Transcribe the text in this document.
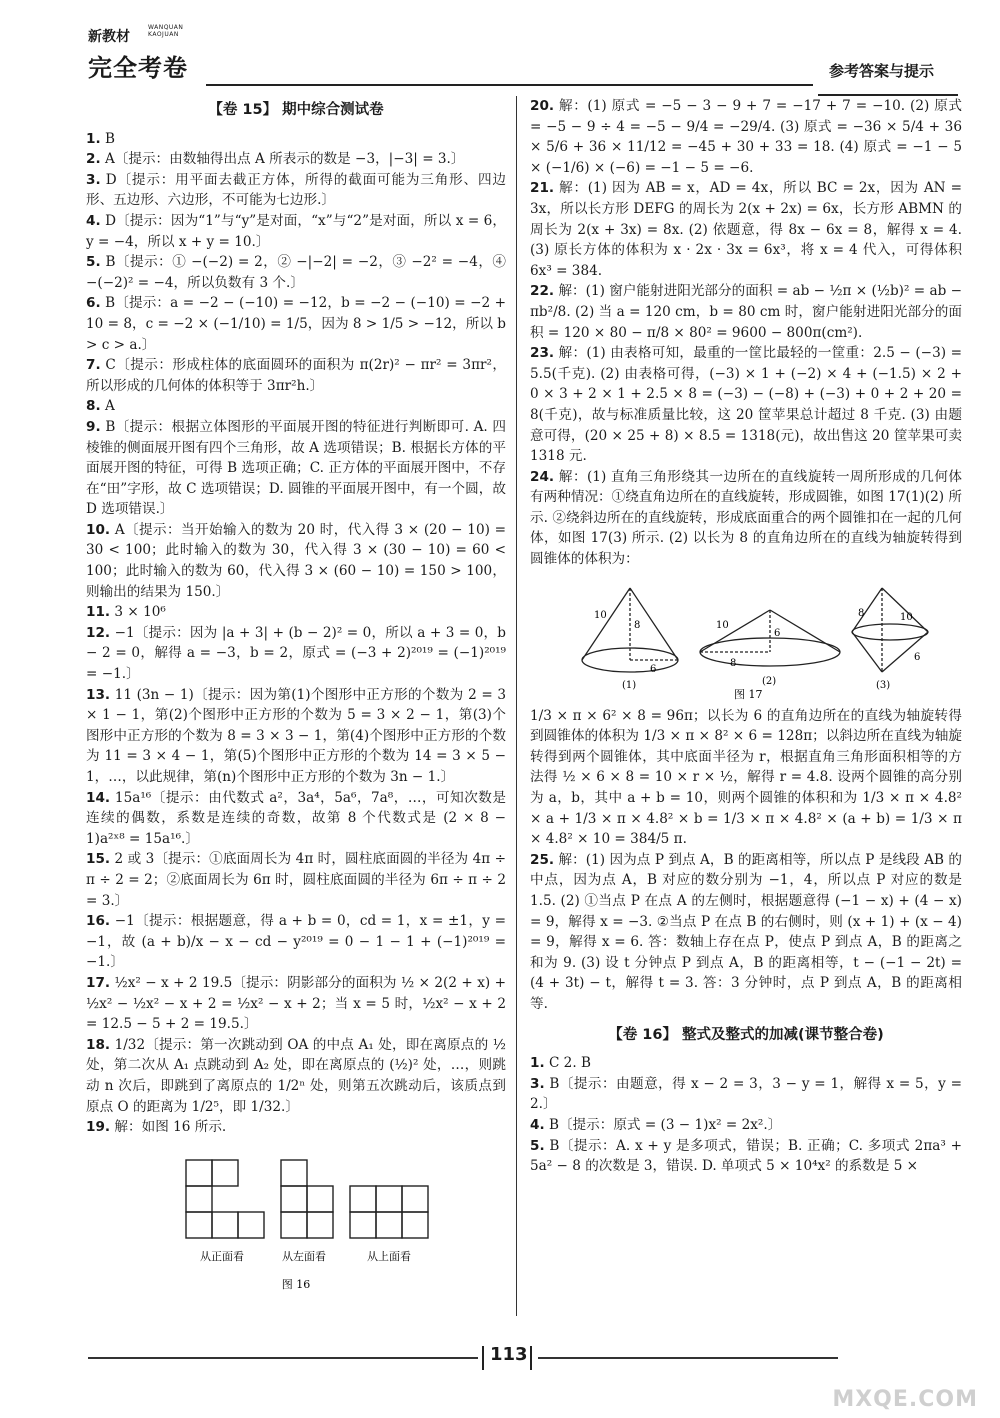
新教材
WANQUAN KAOJUAN
完全考卷	参考答案与提示
【卷 15】 期中综合测试卷

1. B

2. A〔提示：由数轴得出点 A 所表示的数是 −3，|−3| = 3.〕

3. D〔提示：用平面去截正方体，所得的截面可能为三角形、四边形、五边形、六边形，不可能为七边形.〕

4. D〔提示：因为“1”与“y”是对面，“x”与“2”是对面，所以 x = 6，y = −4，所以 x + y = 10.〕

5. B〔提示：① −(−2) = 2，② −|−2| = −2，③ −2² = −4，④ −(−2)² = −4，所以负数有 3 个.〕

6. B〔提示：a = −2 − (−10) = −12，b = −2 − (−10) = −2 + 10 = 8，c = −2 × (−1/10) = 1/5，因为 8 > 1/5 > −12，所以 b > c > a.〕

7. C〔提示：形成柱体的底面圆环的面积为 π(2r)² − πr² = 3πr²，所以形成的几何体的体积等于 3πr²h.〕

8. A

9. B〔提示：根据立体图形的平面展开图的特征进行判断即可. A. 四棱锥的侧面展开图有四个三角形，故 A 选项错误；B. 根据长方体的平面展开图的特征，可得 B 选项正确；C. 正方体的平面展开图中，不存在“田”字形，故 C 选项错误；D. 圆锥的平面展开图中，有一个圆，故 D 选项错误.〕

10. A〔提示：当开始输入的数为 20 时，代入得 3 × (20 − 10) = 30 < 100；此时输入的数为 30，代入得 3 × (30 − 10) = 60 < 100；此时输入的数为 60，代入得 3 × (60 − 10) = 150 > 100，则输出的结果为 150.〕

11. 3 × 10⁶

12. −1〔提示：因为 |a + 3| + (b − 2)² = 0，所以 a + 3 = 0，b − 2 = 0，解得 a = −3，b = 2，原式 = (−3 + 2)²⁰¹⁹ = (−1)²⁰¹⁹ = −1.〕

13. 11 (3n − 1)〔提示：因为第(1)个图形中正方形的个数为 2 = 3 × 1 − 1，第(2)个图形中正方形的个数为 5 = 3 × 2 − 1，第(3)个图形中正方形的个数为 8 = 3 × 3 − 1，第(4)个图形中正方形的个数为 11 = 3 × 4 − 1，第(5)个图形中正方形的个数为 14 = 3 × 5 − 1，…，以此规律，第(n)个图形中正方形的个数为 3n − 1.〕

14. 15a¹⁶〔提示：由代数式 a²，3a⁴，5a⁶，7a⁸，…，可知次数是连续的偶数，系数是连续的奇数，故第 8 个代数式是 (2 × 8 − 1)a²ˣ⁸ = 15a¹⁶.〕

15. 2 或 3〔提示：①底面周长为 4π 时，圆柱底面圆的半径为 4π ÷ π ÷ 2 = 2；②底面周长为 6π 时，圆柱底面圆的半径为 6π ÷ π ÷ 2 = 3.〕

16. −1〔提示：根据题意，得 a + b = 0，cd = 1，x = ±1，y = −1，故 (a + b)/x − x − cd − y²⁰¹⁹ = 0 − 1 − 1 + (−1)²⁰¹⁹ = −1.〕

17. ½x² − x + 2 19.5〔提示：阴影部分的面积为 ½ × 2(2 + x) + ½x² − ½x² − x + 2 = ½x² − x + 2；当 x = 5 时，½x² − x + 2 = 12.5 − 5 + 2 = 19.5.〕

18. 1/32〔提示：第一次跳动到 OA 的中点 A₁ 处，即在离原点的 ½ 处，第二次从 A₁ 点跳动到 A₂ 处，即在离原点的 (½)² 处，…，则跳动 n 次后，即跳到了离原点的 1/2ⁿ 处，则第五次跳动后，该质点到原点 O 的距离为 1/2⁵，即 1/32.〕

19. 解：如图 16 所示.

从正面看	从左面看	从上面看
图 16

20. 解：(1) 原式 = −5 − 3 − 9 + 7 = −17 + 7 = −10. (2) 原式 = −5 − 9 ÷ 4 = −5 − 9/4 = −29/4. (3) 原式 = −36 × 5/4 + 36 × 5/6 + 36 × 11/12 = −45 + 30 + 33 = 18. (4) 原式 = −1 − 5 × (−1/6) × (−6) = −1 − 5 = −6.

21. 解：(1) 因为 AB = x，AD = 4x，所以 BC = 2x，因为 AN = 3x，所以长方形 DEFG 的周长为 2(x + 2x) = 6x，长方形 ABMN 的周长为 2(x + 3x) = 8x. (2) 依题意，得 8x − 6x = 8，解得 x = 4. (3) 原长方体的体积为 x · 2x · 3x = 6x³，将 x = 4 代入，可得体积 6x³ = 384.

22. 解：(1) 窗户能射进阳光部分的面积 = ab − ½π × (½b)² = ab − πb²/8. (2) 当 a = 120 cm，b = 80 cm 时，窗户能射进阳光部分的面积 = 120 × 80 − π/8 × 80² = 9600 − 800π(cm²).

23. 解：(1) 由表格可知，最重的一筐比最轻的一筐重：2.5 − (−3) = 5.5(千克). (2) 由表格可得，(−3) × 1 + (−2) × 4 + (−1.5) × 2 + 0 × 3 + 2 × 1 + 2.5 × 8 = (−3) − (−8) + (−3) + 0 + 2 + 20 = 8(千克)，故与标准质量比较，这 20 筐苹果总计超过 8 千克. (3) 由题意可得，(20 × 25 + 8) × 8.5 = 1318(元)，故出售这 20 筐苹果可卖 1318 元.

24. 解：(1) 直角三角形绕其一边所在的直线旋转一周所形成的几何体有两种情况：①绕直角边所在的直线旋转，形成圆锥，如图 17(1)(2) 所示. ②绕斜边所在的直线旋转，形成底面重合的两个圆锥扣在一起的几何体，如图 17(3) 所示. (2) 以长为 8 的直角边所在的直线为轴旋转得到圆锥体的体积为：

10
8
6
10
8
6
10
8
6
(1)	(2)	(3)
图 17

1/3 × π × 6² × 8 = 96π；以长为 6 的直角边所在的直线为轴旋转得到圆锥体的体积为 1/3 × π × 8² × 6 = 128π；以斜边所在直线为轴旋转得到两个圆锥体，其中底面半径为 r，根据直角三角形面积相等的方法得 ½ × 6 × 8 = 10 × r × ½，解得 r = 4.8. 设两个圆锥的高分别为 a，b，其中 a + b = 10，则两个圆锥的体积和为 1/3 × π × 4.8² × a + 1/3 × π × 4.8² × b = 1/3 × π × 4.8² × (a + b) = 1/3 × π × 4.8² × 10 = 384/5 π.

25. 解：(1) 因为点 P 到点 A，B 的距离相等，所以点 P 是线段 AB 的中点，因为点 A，B 对应的数分别为 −1，4，所以点 P 对应的数是 1.5. (2) ①当点 P 在点 A 的左侧时，根据题意得 (−1 − x) + (4 − x) = 9，解得 x = −3. ②当点 P 在点 B 的右侧时，则 (x + 1) + (x − 4) = 9，解得 x = 6. 答：数轴上存在点 P，使点 P 到点 A，B 的距离之和为 9. (3) 设 t 分钟点 P 到点 A，B 的距离相等，t − (−1 − 2t) = (4 + 3t) − t，解得 t = 3. 答：3 分钟时，点 P 到点 A，B 的距离相等.

【卷 16】 整式及整式的加减(课节整合卷)

1. C 2. B

3. B〔提示：由题意，得 x − 2 = 3，3 − y = 1，解得 x = 5，y = 2.〕

4. B〔提示：原式 = (3 − 1)x² = 2x².〕

5. B〔提示：A. x + y 是多项式，错误；B. 正确；C. 多项式 2πa³ + 5a² − 8 的次数是 3，错误. D. 单项式 5 × 10⁴x² 的系数是 5 ×

113
MXQE.COM
